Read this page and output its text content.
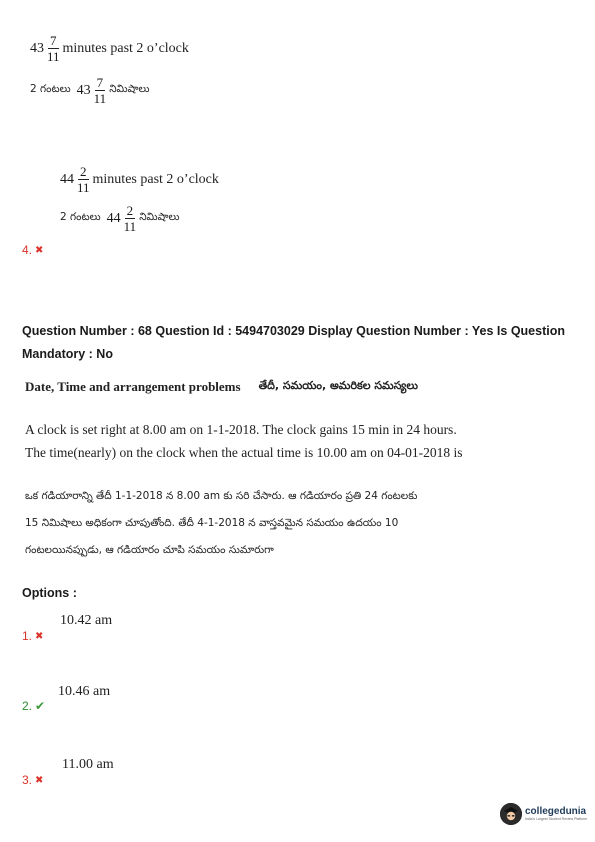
$43 \frac{7}{11}$ minutes past 2 o’clock
2 గంటలు $43 \frac{7}{11}$ నిమిషాలు
$44 \frac{2}{11}$ minutes past 2 o’clock
2 గంటలు $44 \frac{2}{11}$ నిమిషాలు
4. ✖
Question Number : 68 Question Id : 5494703029 Display Question Number : Yes Is Question
Mandatory : No
Date, Time and arrangement problems తేదీ, సమయం, అమరికల సమస్యలు
A clock is set right at 8.00 am on 1-1-2018. The clock gains 15 min in 24 hours.
The time(nearly) on the clock when the actual time is 10.00 am on 04-01-2018 is
ఒక గడియారాన్ని తేదీ 1-1-2018 న 8.00 am కు సరి చేసారు. ఆ గడియారం ప్రతి 24 గంటలకు
15 నిమిషాలు అధికంగా చూపుతోంది. తేదీ 4-1-2018 న వాస్తవమైన సమయం ఉదయం 10
గంటలయినప్పుడు, ఆ గడియారం చూపి సమయం సుమారుగా
Options :
10.42 am
1. ✖
10.46 am
2. ✔
11.00 am
3. ✖
collegedunia
India's Largest Student Review Platform
